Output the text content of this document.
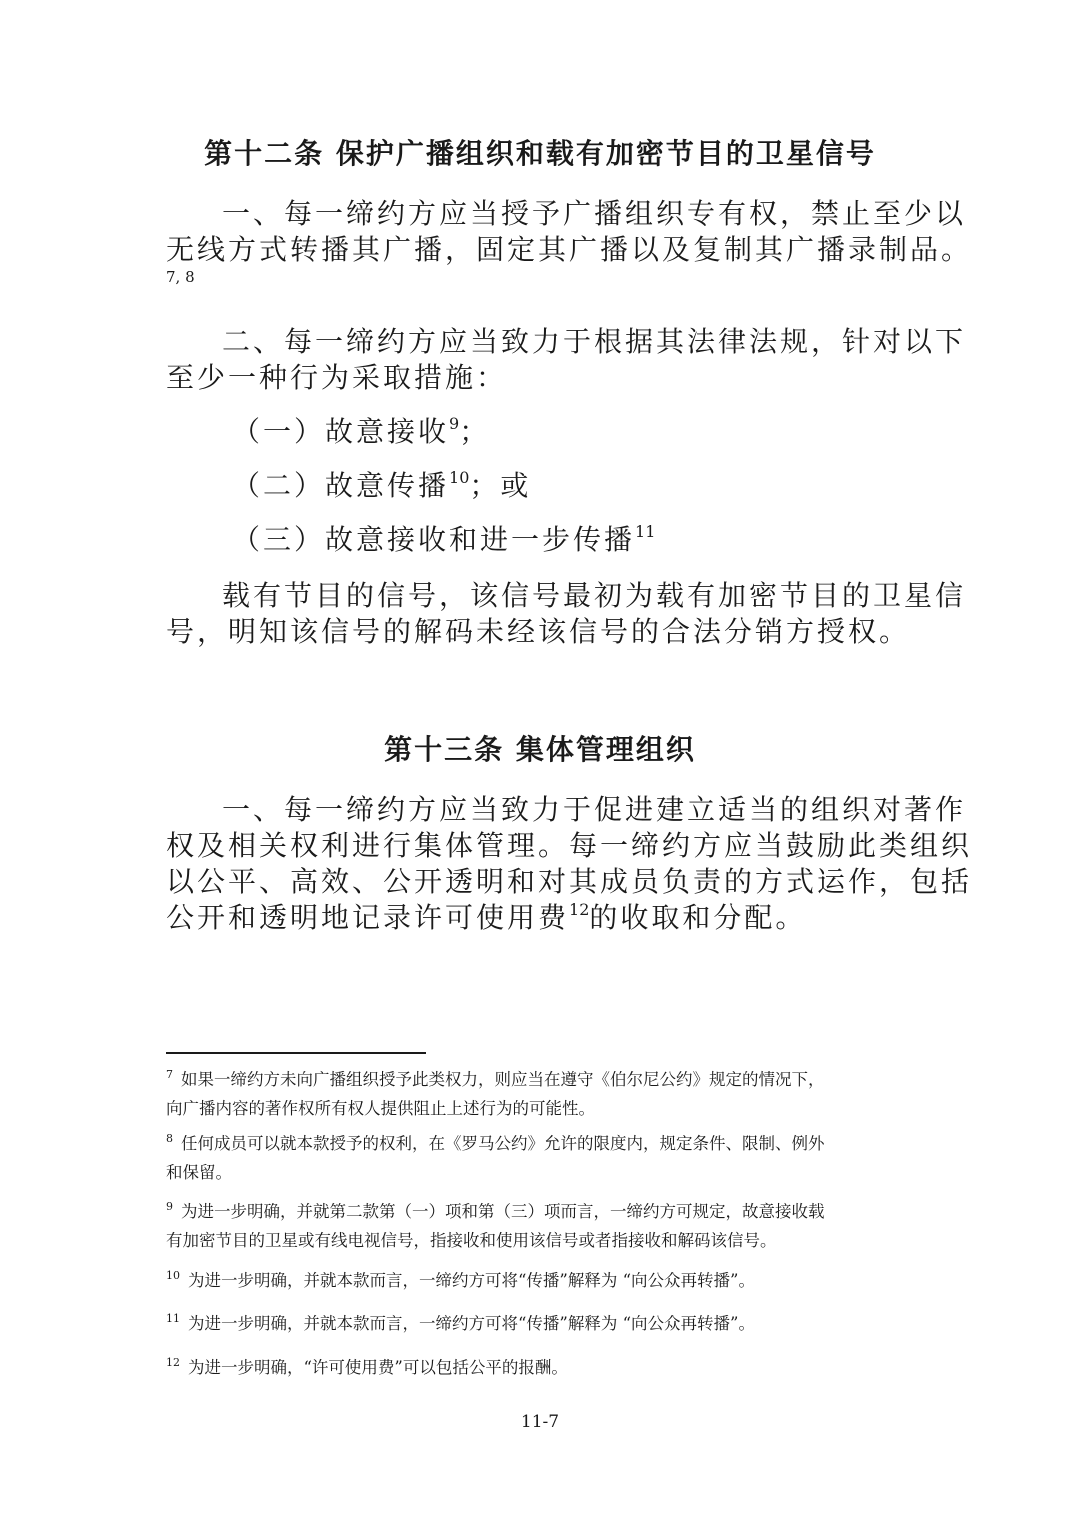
第十二条 保护广播组织和载有加密节目的卫星信号
一、每一缔约方应当授予广播组织专有权，禁止至少以
无线方式转播其广播，固定其广播以及复制其广播录制品。
7, 8
二、每一缔约方应当致力于根据其法律法规，针对以下
至少一种行为采取措施：
（一）故意接收$^9$；
（二）故意传播$^{10}$；或
（三）故意接收和进一步传播$^{11}$
载有节目的信号，该信号最初为载有加密节目的卫星信
号，明知该信号的解码未经该信号的合法分销方授权。
第十三条 集体管理组织
一、每一缔约方应当致力于促进建立适当的组织对著作
权及相关权利进行集体管理。每一缔约方应当鼓励此类组织
以公平、高效、公开透明和对其成员负责的方式运作，包括
公开和透明地记录许可使用费$^{12}$的收取和分配。
$^7$ 如果一缔约方未向广播组织授予此类权力，则应当在遵守《伯尔尼公约》规定的情况下，
向广播内容的著作权所有权人提供阻止上述行为的可能性。
$^8$ 任何成员可以就本款授予的权利，在《罗马公约》允许的限度内，规定条件、限制、例外
和保留。
$^9$ 为进一步明确，并就第二款第（一）项和第（三）项而言，一缔约方可规定，故意接收载
有加密节目的卫星或有线电视信号，指接收和使用该信号或者指接收和解码该信号。
$^{10}$ 为进一步明确，并就本款而言，一缔约方可将“传播”解释为 “向公众再转播”。
$^{11}$ 为进一步明确，并就本款而言，一缔约方可将“传播”解释为 “向公众再转播”。
$^{12}$ 为进一步明确，“许可使用费”可以包括公平的报酬。
11-7
